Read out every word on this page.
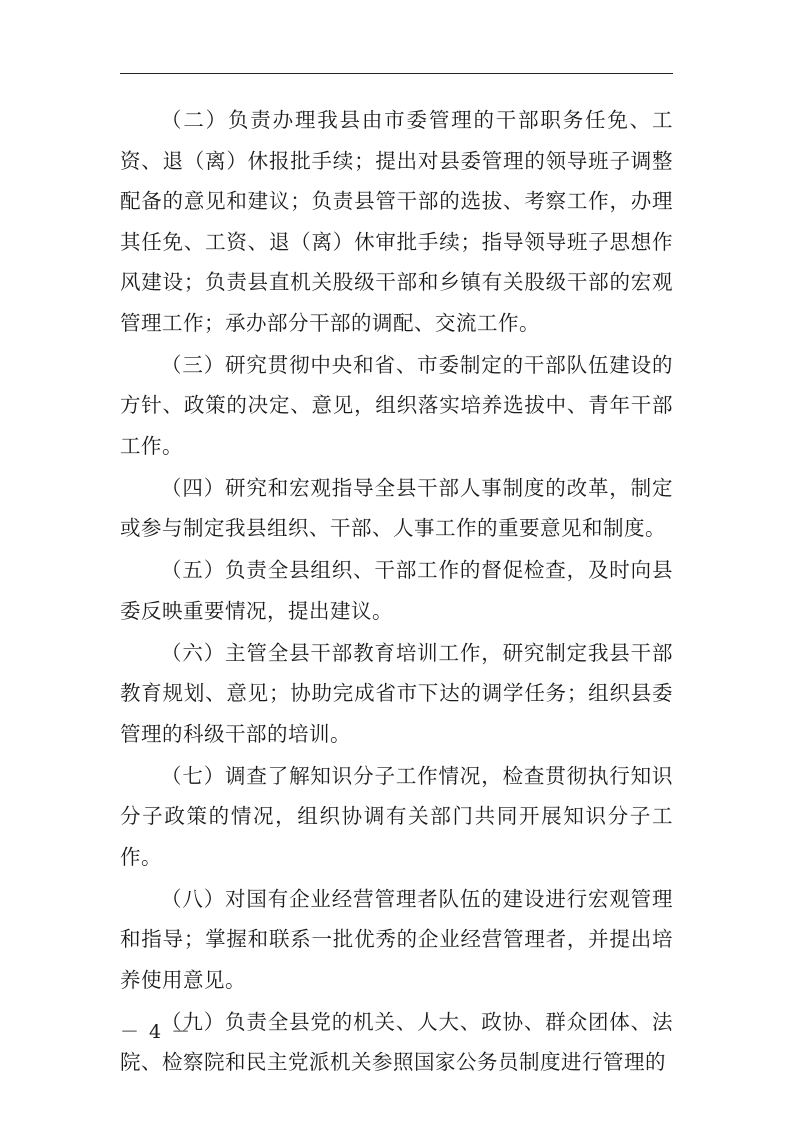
（二）负责办理我县由市委管理的干部职务任免、工资、退（离）休报批手续；提出对县委管理的领导班子调整配备的意见和建议；负责县管干部的选拔、考察工作，办理其任免、工资、退（离）休审批手续；指导领导班子思想作风建设；负责县直机关股级干部和乡镇有关股级干部的宏观管理工作；承办部分干部的调配、交流工作。

（三）研究贯彻中央和省、市委制定的干部队伍建设的方针、政策的决定、意见，组织落实培养选拔中、青年干部工作。

（四）研究和宏观指导全县干部人事制度的改革，制定或参与制定我县组织、干部、人事工作的重要意见和制度。

（五）负责全县组织、干部工作的督促检查，及时向县委反映重要情况，提出建议。

（六）主管全县干部教育培训工作，研究制定我县干部教育规划、意见；协助完成省市下达的调学任务；组织县委管理的科级干部的培训。

（七）调查了解知识分子工作情况，检查贯彻执行知识分子政策的情况，组织协调有关部门共同开展知识分子工作。

（八）对国有企业经营管理者队伍的建设进行宏观管理和指导；掌握和联系一批优秀的企业经营管理者，并提出培养使用意见。

（九）负责全县党的机关、人大、政协、群众团体、法院、检察院和民主党派机关参照国家公务员制度进行管理的

－ 4 －
